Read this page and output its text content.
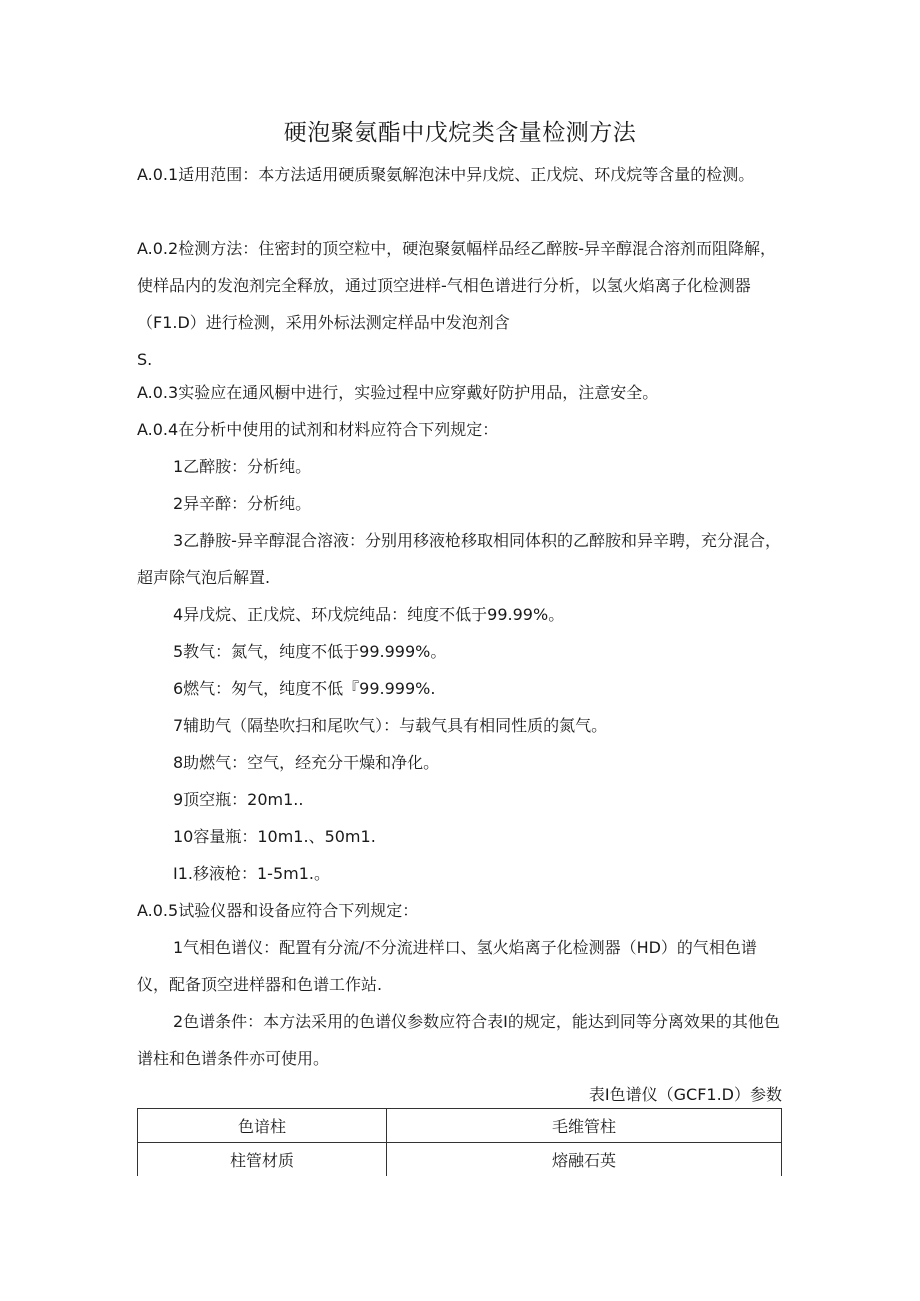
硬泡聚氨酯中戊烷类含量检测方法

A.0.1适用范围：本方法适用硬质聚氨解泡沫中异戊烷、正戊烷、环戊烷等含量的检测。

A.0.2检测方法：住密封的顶空粒中，硬泡聚氨幅样品经乙醉胺-异辛醇混合溶剂而阻降解，使样品内的发泡剂完全释放，通过顶空进样-气相色谱进行分析，以氢火焰离子化检测器（F1.D）进行检测，采用外标法测定样品中发泡剂含

S.

A.0.3实验应在通风橱中进行，实验过程中应穿戴好防护用品，注意安全。

A.0.4在分析中使用的试剂和材料应符合下列规定：

1乙醉胺：分析纯。

2异辛醉：分析纯。

3乙静胺-异辛醇混合溶液：分别用移液枪移取相同体积的乙醉胺和异辛聘，充分混合，超声除气泡后解置.

4异戊烷、正戊烷、环戊烷纯品：纯度不低于99.99%。

5教气：氮气，纯度不低于99.999%。

6燃气：匆气，纯度不低『99.999%.

7辅助气（隔垫吹扫和尾吹气）：与载气具有相同性质的氮气。

8助燃气：空气，经充分干燥和净化。

9顶空瓶：20m1..

10容量瓶：10m1.、50m1.

I1.移液枪：1-5m1.。

A.0.5试验仪器和设备应符合下列规定：

1气相色谱仪：配置有分流/不分流进样口、氢火焰离子化检测器（HD）的气相色谱仪，配备顶空进样器和色谱工作站.

2色谱条件：本方法采用的色谱仪参数应符合表I的规定，能达到同等分离效果的其他色谱柱和色谱条件亦可使用。

表I色谱仪（GCF1.D）参数
色谙柱	毛维管柱
柱管材质	熔融石英
